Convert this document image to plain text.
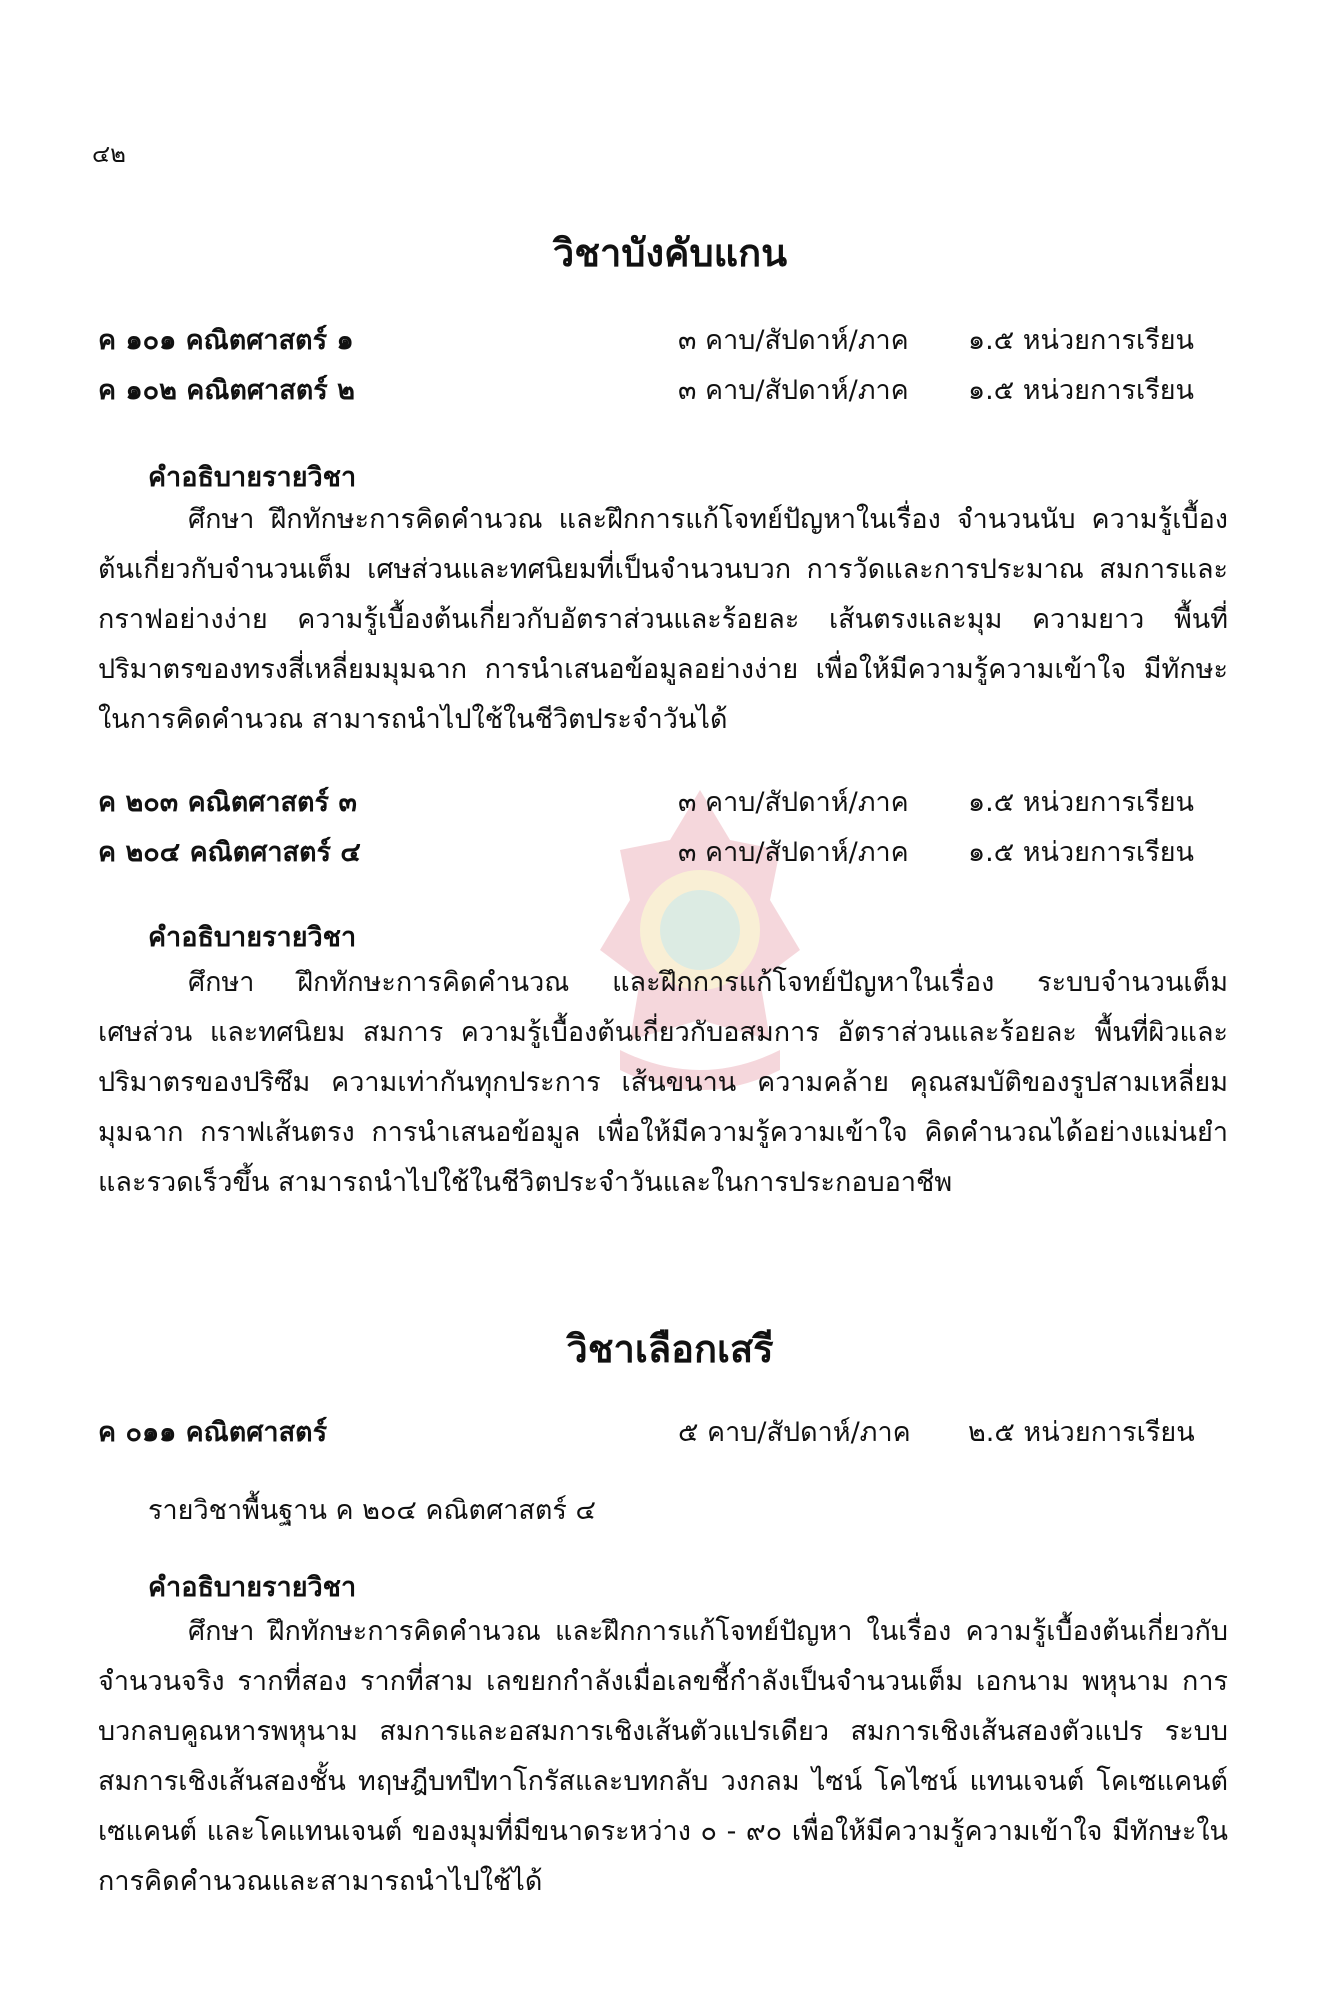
๔๒
วิชาบังคับแกน
ค ๑๐๑ คณิตศาสตร์ ๑	๓ คาบ/สัปดาห์/ภาค ๑.๕ หน่วยการเรียน
ค ๑๐๒ คณิตศาสตร์ ๒	๓ คาบ/สัปดาห์/ภาค ๑.๕ หน่วยการเรียน
คำอธิบายรายวิชา

ศึกษา ฝึกทักษะการคิดคำนวณ และฝึกการแก้โจทย์ปัญหาในเรื่อง จำนวนนับ ความรู้เบื้องต้นเกี่ยวกับจำนวนเต็ม เศษส่วนและทศนิยมที่เป็นจำนวนบวก การวัดและการประมาณ สมการและกราฟอย่างง่าย ความรู้เบื้องต้นเกี่ยวกับอัตราส่วนและร้อยละ เส้นตรงและมุม ความยาว พื้นที่ ปริมาตรของทรงสี่เหลี่ยมมุมฉาก การนำเสนอข้อมูลอย่างง่าย เพื่อให้มีความรู้ความเข้าใจ มีทักษะในการคิดคำนวณ สามารถนำไปใช้ในชีวิตประจำวันได้

ค ๒๐๓ คณิตศาสตร์ ๓	๓ คาบ/สัปดาห์/ภาค ๑.๕ หน่วยการเรียน
ค ๒๐๔ คณิตศาสตร์ ๔	๓ คาบ/สัปดาห์/ภาค ๑.๕ หน่วยการเรียน
คำอธิบายรายวิชา

ศึกษา ฝึกทักษะการคิดคำนวณ และฝึกการแก้โจทย์ปัญหาในเรื่อง ระบบจำนวนเต็ม เศษส่วน และทศนิยม สมการ ความรู้เบื้องต้นเกี่ยวกับอสมการ อัตราส่วนและร้อยละ พื้นที่ผิวและปริมาตรของปริซึม ความเท่ากันทุกประการ เส้นขนาน ความคล้าย คุณสมบัติของรูปสามเหลี่ยมมุมฉาก กราฟเส้นตรง การนำเสนอข้อมูล เพื่อให้มีความรู้ความเข้าใจ คิดคำนวณได้อย่างแม่นยำและรวดเร็วขึ้น สามารถนำไปใช้ในชีวิตประจำวันและในการประกอบอาชีพ

วิชาเลือกเสรี
ค ๐๑๑ คณิตศาสตร์	๕ คาบ/สัปดาห์/ภาค ๒.๕ หน่วยการเรียน
รายวิชาพื้นฐาน ค ๒๐๔ คณิตศาสตร์ ๔
คำอธิบายรายวิชา

ศึกษา ฝึกทักษะการคิดคำนวณ และฝึกการแก้โจทย์ปัญหา ในเรื่อง ความรู้เบื้องต้นเกี่ยวกับจำนวนจริง รากที่สอง รากที่สาม เลขยกกำลังเมื่อเลขชี้กำลังเป็นจำนวนเต็ม เอกนาม พหุนาม การบวกลบคูณหารพหุนาม สมการและอสมการเชิงเส้นตัวแปรเดียว สมการเชิงเส้นสองตัวแปร ระบบสมการเชิงเส้นสองชั้น ทฤษฎีบทปีทาโกรัสและบทกลับ วงกลม ไซน์ โคไซน์ แทนเจนต์ โคเซแคนต์ เซแคนต์ และโคแทนเจนต์ ของมุมที่มีขนาดระหว่าง ๐ - ๙๐ เพื่อให้มีความรู้ความเข้าใจ มีทักษะในการคิดคำนวณและสามารถนำไปใช้ได้
